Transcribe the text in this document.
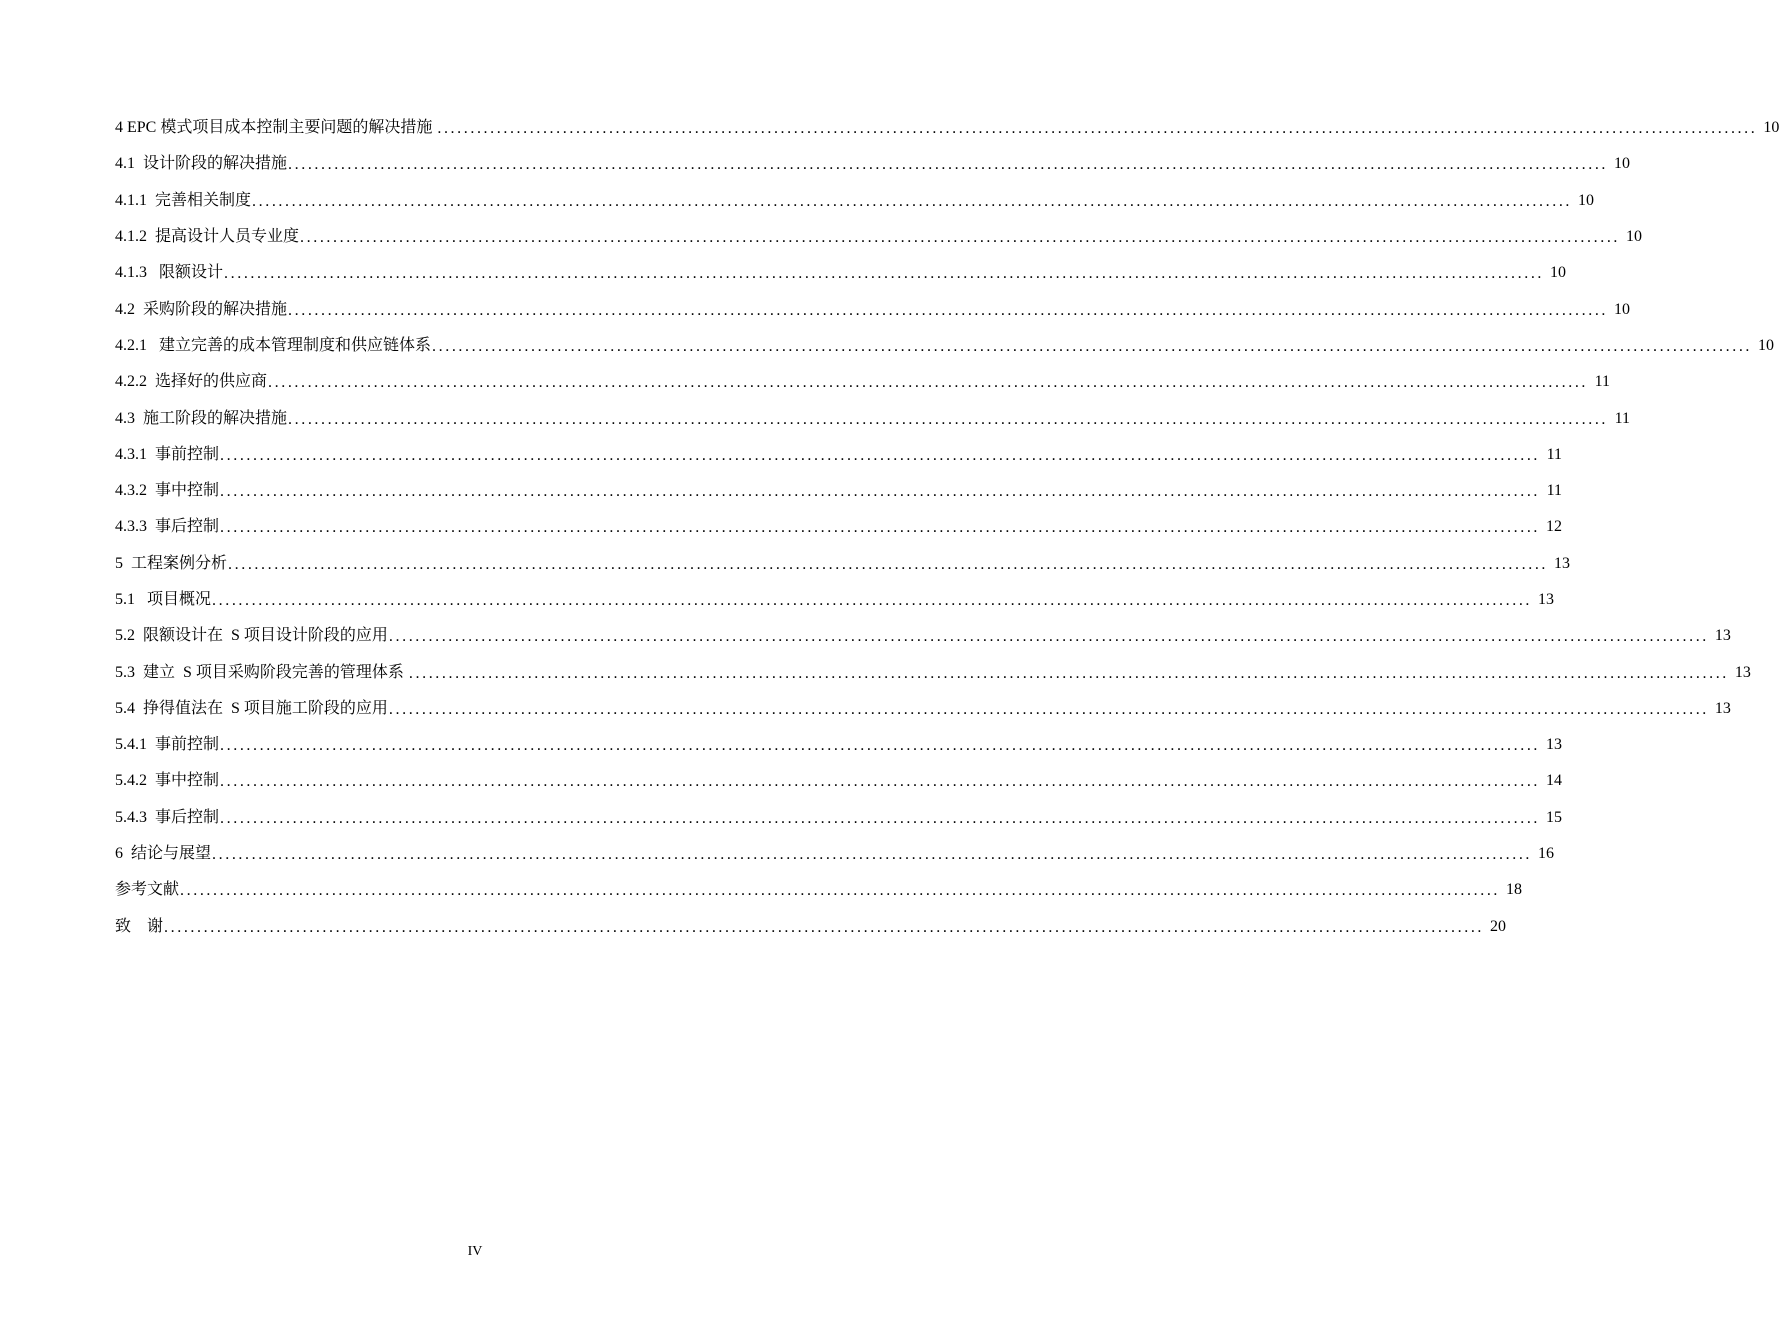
4 EPC 模式项目成本控制主要问题的解决措施 ........................................................................................................................................................................................................ 10
4.1  设计阶段的解决措施 ........................................................................................................................................................................................................ 10
4.1.1  完善相关制度 ........................................................................................................................................................................................................ 10
4.1.2  提高设计人员专业度 ........................................................................................................................................................................................................ 10
4.1.3   限额设计 ........................................................................................................................................................................................................ 10
4.2  采购阶段的解决措施 ........................................................................................................................................................................................................ 10
4.2.1   建立完善的成本管理制度和供应链体系 ........................................................................................................................................................................................................ 10
4.2.2  选择好的供应商 ........................................................................................................................................................................................................ 11
4.3  施工阶段的解决措施 ........................................................................................................................................................................................................ 11
4.3.1  事前控制 ........................................................................................................................................................................................................ 11
4.3.2  事中控制 ........................................................................................................................................................................................................ 11
4.3.3  事后控制 ........................................................................................................................................................................................................ 12
5  工程案例分析 ........................................................................................................................................................................................................ 13
5.1   项目概况 ........................................................................................................................................................................................................ 13
5.2  限额设计在  S 项目设计阶段的应用 ........................................................................................................................................................................................................ 13
5.3  建立  S 项目采购阶段完善的管理体系 ........................................................................................................................................................................................................ 13
5.4  挣得值法在  S 项目施工阶段的应用 ........................................................................................................................................................................................................ 13
5.4.1  事前控制 ........................................................................................................................................................................................................ 13
5.4.2  事中控制 ........................................................................................................................................................................................................ 14
5.4.3  事后控制 ........................................................................................................................................................................................................ 15
6  结论与展望 ........................................................................................................................................................................................................ 16
参考文献 ........................................................................................................................................................................................................ 18
致    谢 ........................................................................................................................................................................................................ 20
IV
